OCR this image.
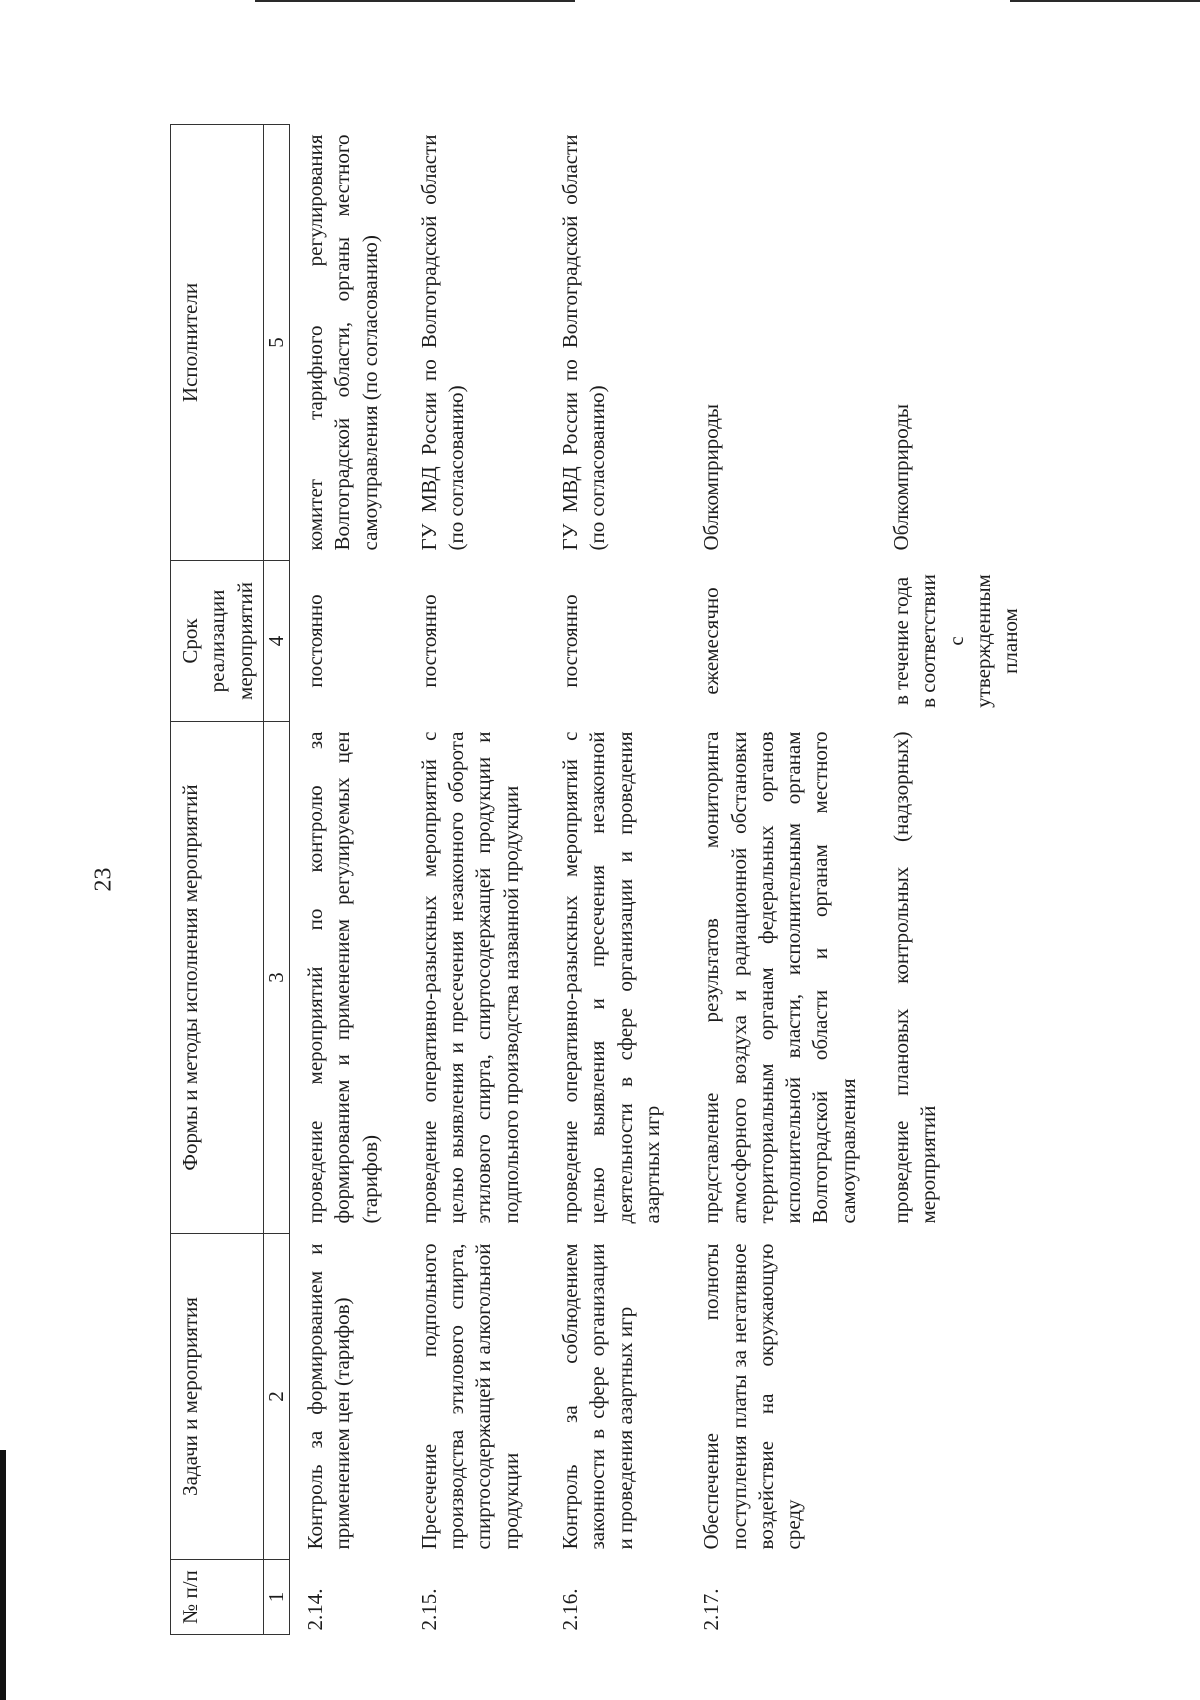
23
№ п/п	Задачи и мероприятия	Формы и методы исполнения мероприятий	Срок реализации мероприятий	Исполнители
1	2	3	4	5
2.14.	Контроль за формированием и применением цен (тарифов)	проведение мероприятий по контролю за формированием и применением регулируемых цен (тарифов)	постоянно	комитет тарифного регулирования Волгоградской области, органы местного самоуправления (по согласованию)
2.15.	Пресечение подпольного производства этилового спирта, спиртосодержащей и алкогольной продукции	проведение оперативно-разыскных мероприятий с целью выявления и пресечения незаконного оборота этилового спирта, спиртосодержащей продукции и подпольного производства названной продукции	постоянно	ГУ МВД России по Волгоградской области (по согласованию)
2.16.	Контроль за соблюдением законности в сфере организации и проведения азартных игр	проведение оперативно-разыскных мероприятий с целью выявления и пресечения незаконной деятельности в сфере организации и проведения азартных игр	постоянно	ГУ МВД России по Волгоградской области (по согласованию)
2.17.	Обеспечение полноты поступления платы за негативное воздействие на окружающую среду	представление результатов мониторинга атмосферного воздуха и радиационной обстановки территориальным органам федеральных органов исполнительной власти, исполнительным органам Волгоградской области и органам местного самоуправления	ежемесячно	Облкомприроды
		проведение плановых контрольных (надзорных) мероприятий	в течение года в соответствии с утвержденным планом	Облкомприроды
